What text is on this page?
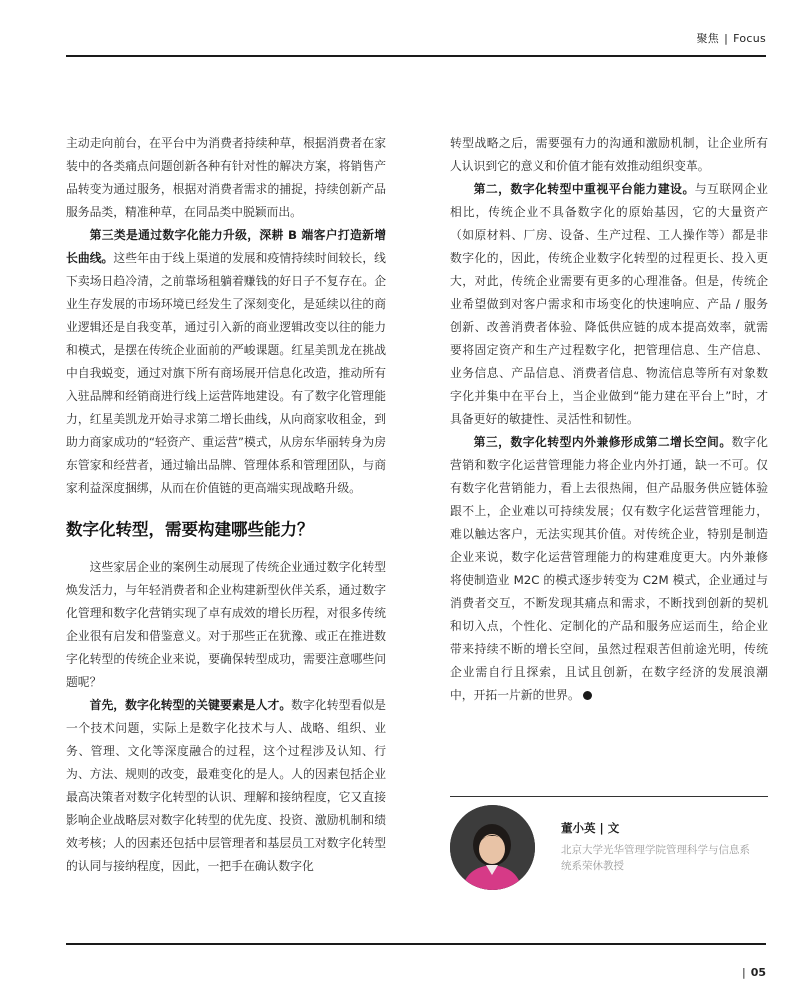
聚焦 | Focus

主动走向前台，在平台中为消费者持续种草，根据消费者在家装中的各类痛点问题创新各种有针对性的解决方案，将销售产品转变为通过服务，根据对消费者需求的捕捉，持续创新产品服务品类，精准种草，在同品类中脱颖而出。

第三类是通过数字化能力升级，深耕 B 端客户打造新增长曲线。这些年由于线上渠道的发展和疫情持续时间较长，线下卖场日趋冷清，之前靠场租躺着赚钱的好日子不复存在。企业生存发展的市场环境已经发生了深刻变化，是延续以往的商业逻辑还是自我变革，通过引入新的商业逻辑改变以往的能力和模式，是摆在传统企业面前的严峻课题。红星美凯龙在挑战中自我蜕变，通过对旗下所有商场展开信息化改造，推动所有入驻品牌和经销商进行线上运营阵地建设。有了数字化管理能力，红星美凯龙开始寻求第二增长曲线，从向商家收租金，到助力商家成功的“轻资产、重运营”模式，从房东华丽转身为房东管家和经营者，通过输出品牌、管理体系和管理团队，与商家利益深度捆绑，从而在价值链的更高端实现战略升级。

数字化转型，需要构建哪些能力？

这些家居企业的案例生动展现了传统企业通过数字化转型焕发活力，与年轻消费者和企业构建新型伙伴关系，通过数字化管理和数字化营销实现了卓有成效的增长历程，对很多传统企业很有启发和借鉴意义。对于那些正在犹豫、或正在推进数字化转型的传统企业来说，要确保转型成功，需要注意哪些问题呢？

首先，数字化转型的关键要素是人才。数字化转型看似是一个技术问题，实际上是数字化技术与人、战略、组织、业务、管理、文化等深度融合的过程，这个过程涉及认知、行为、方法、规则的改变，最难变化的是人。人的因素包括企业最高决策者对数字化转型的认识、理解和接纳程度，它又直接影响企业战略层对数字化转型的优先度、投资、激励机制和绩效考核；人的因素还包括中层管理者和基层员工对数字化转型的认同与接纳程度，因此，一把手在确认数字化

转型战略之后，需要强有力的沟通和激励机制，让企业所有人认识到它的意义和价值才能有效推动组织变革。

第二，数字化转型中重视平台能力建设。与互联网企业相比，传统企业不具备数字化的原始基因，它的大量资产（如原材料、厂房、设备、生产过程、工人操作等）都是非数字化的，因此，传统企业数字化转型的过程更长、投入更大，对此，传统企业需要有更多的心理准备。但是，传统企业希望做到对客户需求和市场变化的快速响应、产品 / 服务创新、改善消费者体验、降低供应链的成本提高效率，就需要将固定资产和生产过程数字化，把管理信息、生产信息、业务信息、产品信息、消费者信息、物流信息等所有对象数字化并集中在平台上，当企业做到“能力建在平台上”时，才具备更好的敏捷性、灵活性和韧性。

第三，数字化转型内外兼修形成第二增长空间。数字化营销和数字化运营管理能力将企业内外打通，缺一不可。仅有数字化营销能力，看上去很热闹，但产品服务供应链体验跟不上，企业难以可持续发展；仅有数字化运营管理能力，难以触达客户，无法实现其价值。对传统企业，特别是制造企业来说，数字化运营管理能力的构建难度更大。内外兼修将使制造业 M2C 的模式逐步转变为 C2M 模式，企业通过与消费者交互，不断发现其痛点和需求，不断找到创新的契机和切入点，个性化、定制化的产品和服务应运而生，给企业带来持续不断的增长空间，虽然过程艰苦但前途光明，传统企业需自行且探索，且试且创新，在数字经济的发展浪潮中，开拓一片新的世界。

董小英 | 文
北京大学光华管理学院管理科学与信息系统系荣休教授
| 05
